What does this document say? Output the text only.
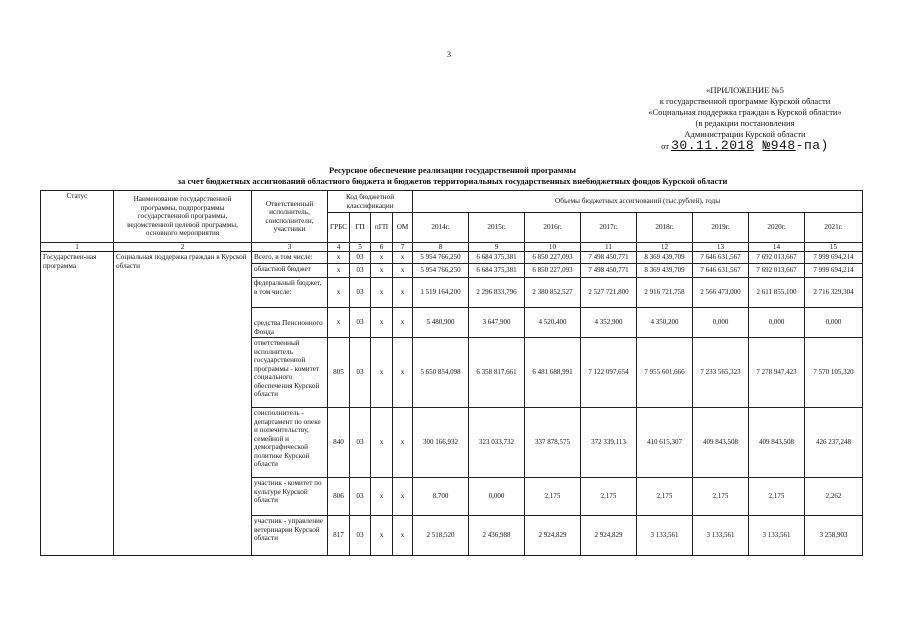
3
«ПРИЛОЖЕНИЕ №5
к государственной программе Курской области
«Социальная поддержка граждан в Курской области»
(в редакции постановления
Администрации Курской области
от 30.11.2018 №948-па)
Ресурсное обеспечение реализации государственной программы
за счет бюджетных ассигнований областного бюджета и бюджетов территориальных государственных внебюджетных фондов Курской области
Статус	Наименование государственной программы, подпрограммы государственной программы, ведомственной целевой программы, основного мероприятия	Ответственный исполнитель, соисполнители, участники	Код бюджетной классификации				Объемы бюджетных ассигнований (тыс.рублей), годы							
			ГРБС	ГП	пГП	ОМ	2014г.	2015г.	2016г.	2017г.	2018г.	2019г.	2020г.	2021г.
1	2	3	4	5	6	7	8	9	10	11	12	13	14	15
Государствен-ная программа	Социальная поддержка граждан в Курской области	Всего, в том числе:	x	03	x	x	5 954 766,250	6 684 375,381	6 850 227,093	7 498 450,771	8 369 439,709	7 646 631,567	7 692 013,667	7 999 694,214
		областной бюджет	x	03	x	x	5 954 766,250	6 684 375,381	6 850 227,093	7 498 450,771	8 369 439,709	7 646 631,567	7 692 013,667	7 999 694,214
		федеральный бюджет, в том числе:	x	03	x	x	1 519 164,200	2 296 833,796	2 380 852,527	2 527 721,800	2 916 721,758	2 566 473,000	2 611 855,100	2 716 329,304
		средства Пенсионного Фонда	x	03	x	x	5 480,900	3 647,900	4 520,400	4 352,900	4 350,200	0,000	0,000	0,000
		ответственный исполнитель государственной программы - комитет социального обеспечения Курской области	805	03	x	x	5 650 854,098	6 358 817,661	6 481 688,991	7 122 097,654	7 955 601,666	7 233 565,323	7 278 947,423	7 570 105,320
		соисполнитель - департамент по опеке и попечительству, семейной и демографической политике Курской области	840	03	x	x	300 166,932	323 033,732	337 878,575	372 339,113	410 615,307	409 843,508	409 843,508	426 237,248
		участник - комитет по культуре Курской области	806	03	x	x	8,700	0,000	2,175	2,175	2,175	2,175	2,175	2,262
		участник - управление ветеринарии Курской области	817	03	x	x	2 518,520	2 436,988	2 924,829	2 924,829	3 133,561	3 133,561	3 133,561	3 258,903
